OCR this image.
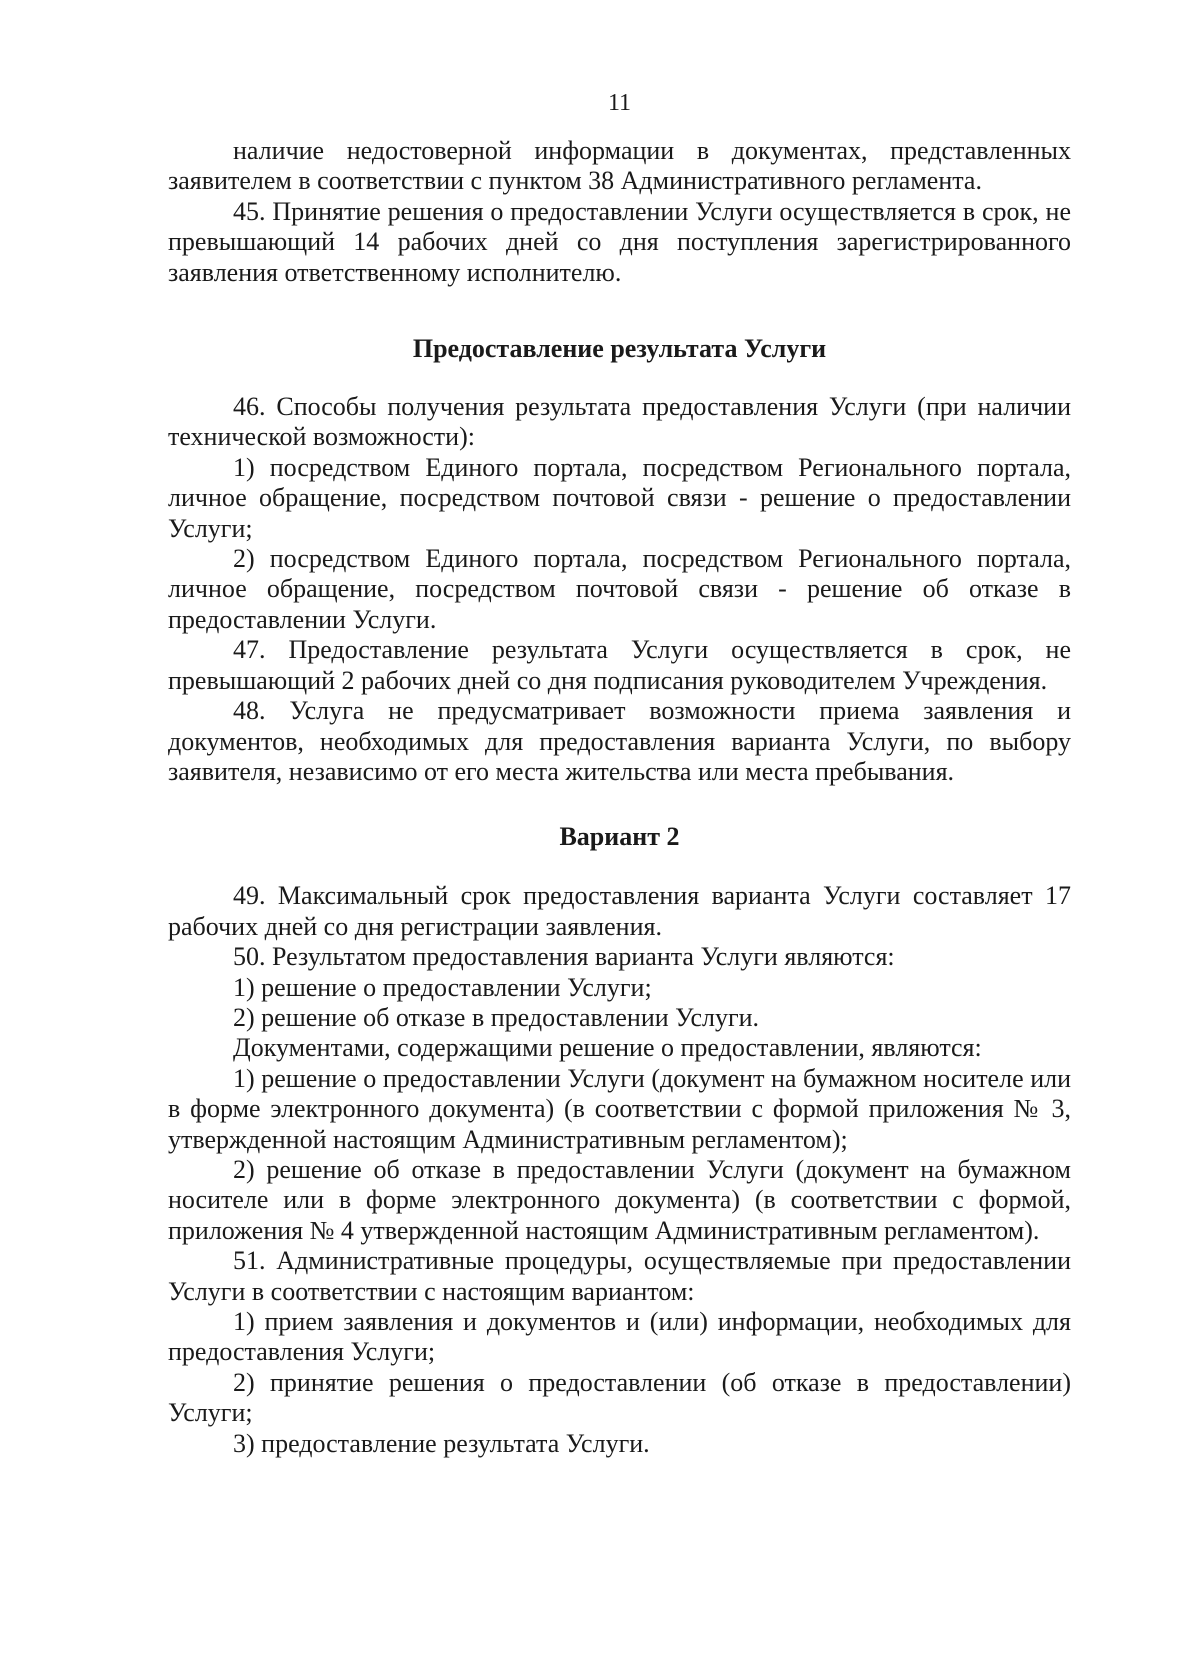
11

наличие недостоверной информации в документах, представленных заявителем в соответствии с пунктом 38 Административного регламента.

45. Принятие решения о предоставлении Услуги осуществляется в срок, не превышающий 14 рабочих дней со дня поступления зарегистрированного заявления ответственному исполнителю.

Предоставление результата Услуги

46. Способы получения результата предоставления Услуги (при наличии технической возможности):

1) посредством Единого портала, посредством Регионального портала, личное обращение, посредством почтовой связи - решение о предоставлении Услуги;

2) посредством Единого портала, посредством Регионального портала, личное обращение, посредством почтовой связи - решение об отказе в предоставлении Услуги.

47. Предоставление результата Услуги осуществляется в срок, не превышающий 2 рабочих дней со дня подписания руководителем Учреждения.

48. Услуга не предусматривает возможности приема заявления и документов, необходимых для предоставления варианта Услуги, по выбору заявителя, независимо от его места жительства или места пребывания.

Вариант 2

49. Максимальный срок предоставления варианта Услуги составляет 17 рабочих дней со дня регистрации заявления.

50. Результатом предоставления варианта Услуги являются:

1) решение о предоставлении Услуги;

2) решение об отказе в предоставлении Услуги.

Документами, содержащими решение о предоставлении, являются:

1) решение о предоставлении Услуги (документ на бумажном носителе или в форме электронного документа) (в соответствии с формой приложения № 3, утвержденной настоящим Административным регламентом);

2) решение об отказе в предоставлении Услуги (документ на бумажном носителе или в форме электронного документа) (в соответствии с формой, приложения № 4 утвержденной настоящим Административным регламентом).

51. Административные процедуры, осуществляемые при предоставлении Услуги в соответствии с настоящим вариантом:

1) прием заявления и документов и (или) информации, необходимых для предоставления Услуги;

2) принятие решения о предоставлении (об отказе в предоставлении) Услуги;

3) предоставление результата Услуги.
